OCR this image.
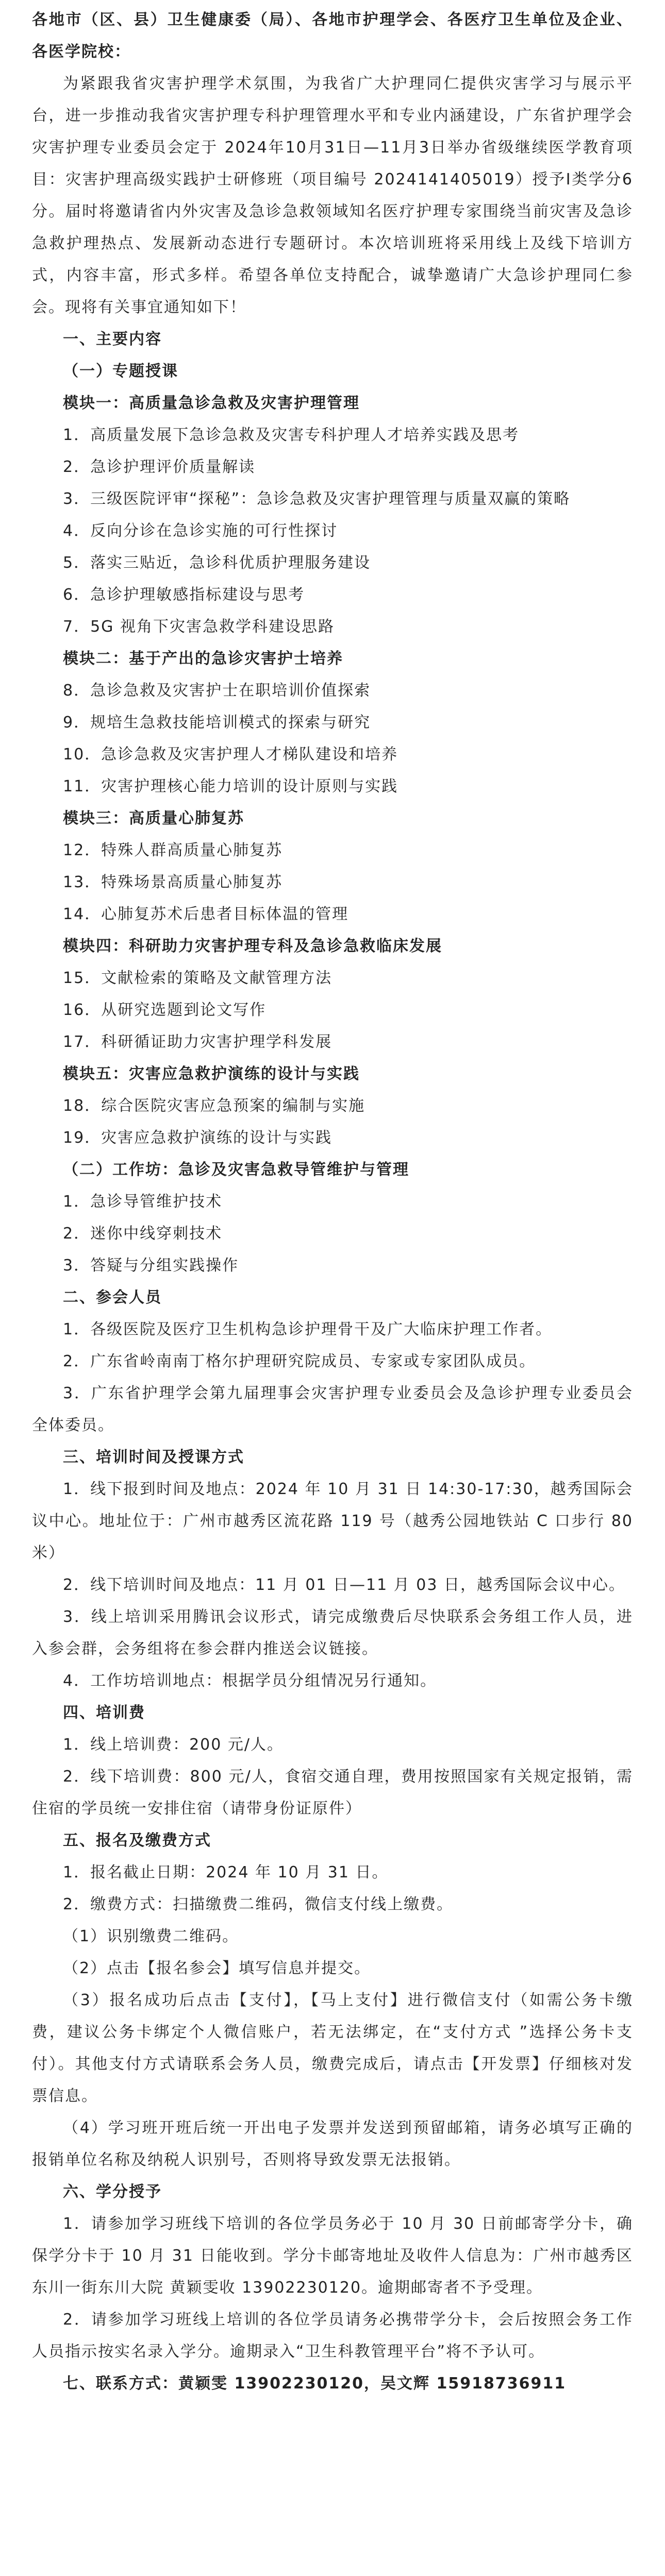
各地市（区、县）卫生健康委（局）、各地市护理学会、各医疗卫生单位及企业、各医学院校：

为紧跟我省灾害护理学术氛围，为我省广大护理同仁提供灾害学习与展示平台，进一步推动我省灾害护理专科护理管理水平和专业内涵建设，广东省护理学会灾害护理专业委员会定于 2024年10月31日—11月3日举办省级继续医学教育项目：灾害护理高级实践护士研修班（项目编号 2024141405019）授予I类学分6分。届时将邀请省内外灾害及急诊急救领域知名医疗护理专家围绕当前灾害及急诊急救护理热点、发展新动态进行专题研讨。本次培训班将采用线上及线下培训方式，内容丰富，形式多样。希望各单位支持配合，诚挚邀请广大急诊护理同仁参会。现将有关事宜通知如下！

一、主要内容

（一）专题授课

模块一：高质量急诊急救及灾害护理管理

1．高质量发展下急诊急救及灾害专科护理人才培养实践及思考

2．急诊护理评价质量解读

3．三级医院评审“探秘”：急诊急救及灾害护理管理与质量双赢的策略

4．反向分诊在急诊实施的可行性探讨

5．落实三贴近，急诊科优质护理服务建设

6．急诊护理敏感指标建设与思考

7．5G 视角下灾害急救学科建设思路

模块二：基于产出的急诊灾害护士培养

8．急诊急救及灾害护士在职培训价值探索

9．规培生急救技能培训模式的探索与研究

10．急诊急救及灾害护理人才梯队建设和培养

11．灾害护理核心能力培训的设计原则与实践

模块三：高质量心肺复苏

12．特殊人群高质量心肺复苏

13．特殊场景高质量心肺复苏

14．心肺复苏术后患者目标体温的管理

模块四：科研助力灾害护理专科及急诊急救临床发展

15．文献检索的策略及文献管理方法

16．从研究选题到论文写作

17．科研循证助力灾害护理学科发展

模块五：灾害应急救护演练的设计与实践

18．综合医院灾害应急预案的编制与实施

19．灾害应急救护演练的设计与实践

（二）工作坊：急诊及灾害急救导管维护与管理

1．急诊导管维护技术

2．迷你中线穿刺技术

3．答疑与分组实践操作

二、参会人员

1．各级医院及医疗卫生机构急诊护理骨干及广大临床护理工作者。

2．广东省岭南南丁格尔护理研究院成员、专家或专家团队成员。

3．广东省护理学会第九届理事会灾害护理专业委员会及急诊护理专业委员会全体委员。

三、培训时间及授课方式

1．线下报到时间及地点：2024 年 10 月 31 日 14:30-17:30，越秀国际会议中心。地址位于：广州市越秀区流花路 119 号（越秀公园地铁站 C 口步行 80 米）

2．线下培训时间及地点：11 月 01 日—11 月 03 日，越秀国际会议中心。

3．线上培训采用腾讯会议形式，请完成缴费后尽快联系会务组工作人员，进入参会群，会务组将在参会群内推送会议链接。

4．工作坊培训地点：根据学员分组情况另行通知。

四、培训费

1．线上培训费：200 元/人。

2．线下培训费：800 元/人，食宿交通自理，费用按照国家有关规定报销，需住宿的学员统一安排住宿（请带身份证原件）

五、报名及缴费方式

1．报名截止日期：2024 年 10 月 31 日。

2．缴费方式：扫描缴费二维码，微信支付线上缴费。

（1）识别缴费二维码。

（2）点击【报名参会】填写信息并提交。

（3）报名成功后点击【支付】，【马上支付】进行微信支付（如需公务卡缴费，建议公务卡绑定个人微信账户，若无法绑定，在“支付方式 ”选择公务卡支付）。其他支付方式请联系会务人员，缴费完成后，请点击【开发票】仔细核对发票信息。

（4）学习班开班后统一开出电子发票并发送到预留邮箱，请务必填写正确的报销单位名称及纳税人识别号，否则将导致发票无法报销。

六、学分授予

1．请参加学习班线下培训的各位学员务必于 10 月 30 日前邮寄学分卡，确保学分卡于 10 月 31 日能收到。学分卡邮寄地址及收件人信息为：广州市越秀区东川一街东川大院 黄颖雯收 13902230120。逾期邮寄者不予受理。

2．请参加学习班线上培训的各位学员请务必携带学分卡，会后按照会务工作人员指示按实名录入学分。逾期录入“卫生科教管理平台”将不予认可。

七、联系方式：黄颖雯 13902230120，吴文辉 15918736911
